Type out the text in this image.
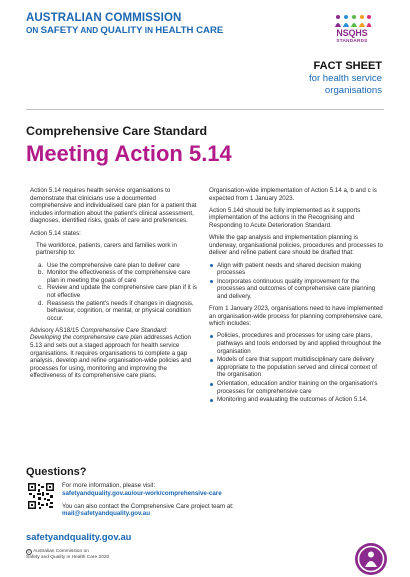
AUSTRALIAN COMMISSION
ON SAFETY AND QUALITY IN HEALTH CARE	NSQHS
STANDARDS
FACT SHEET
for health service
organisations
Comprehensive Care Standard
Meeting Action 5.14

Action 5.14 requires health service organisations to demonstrate that clinicians use a documented comprehensive and individualised care plan for a patient that includes information about the patient's clinical assessment, diagnoses, identified risks, goals of care and preferences.

Action 5.14 states:

The workforce, patients, carers and families work in partnership to:

a. Use the comprehensive care plan to deliver care
b. Monitor the effectiveness of the comprehensive care plan in meeting the goals of care
c. Review and update the comprehensive care plan if it is not effective
d. Reassess the patient's needs if changes in diagnosis, behaviour, cognition, or mental, or physical condition occur.

Advisory AS18/15 Comprehensive Care Standard: Developing the comprehensive care plan addresses Action 5.13 and sets out a staged approach for health service organisations. It requires organisations to complete a gap analysis, develop and refine organisation-wide policies and processes for using, monitoring and improving the effectiveness of its comprehensive care plans.

Organisation-wide implementation of Action 5.14 a, b and c is expected from 1 January 2023.

Action 5.14d should be fully implemented as it supports implementation of the actions in the Recognising and Responding to Acute Deterioration Standard.

While the gap analysis and implementation planning is underway, organisational policies, procedures and processes to deliver and refine patient care should be drafted that:

Align with patient needs and shared decision making processes
Incorporates continuous quality improvement for the processes and outcomes of comprehensive care planning and delivery.

From 1 January 2023, organisations need to have implemented an organisation-wide process for planning comprehensive care, which includes:

Policies, procedures and processes for using care plans, pathways and tools endorsed by and applied throughout the organisation
Models of care that support multidisciplinary care delivery appropriate to the population served and clinical context of the organisation
Orientation, education and/or training on the organisation's processes for comprehensive care
Monitoring and evaluating the outcomes of Action 5.14.
Questions?

For more information, please visit:
safetyandquality.gov.au/our-work/comprehensive-care

You can also contact the Comprehensive Care project team at:
mail@safetyandquality.gov.au

safetyandquality.gov.au
© Australian Commission on
Safety and Quality in Health Care 2020
